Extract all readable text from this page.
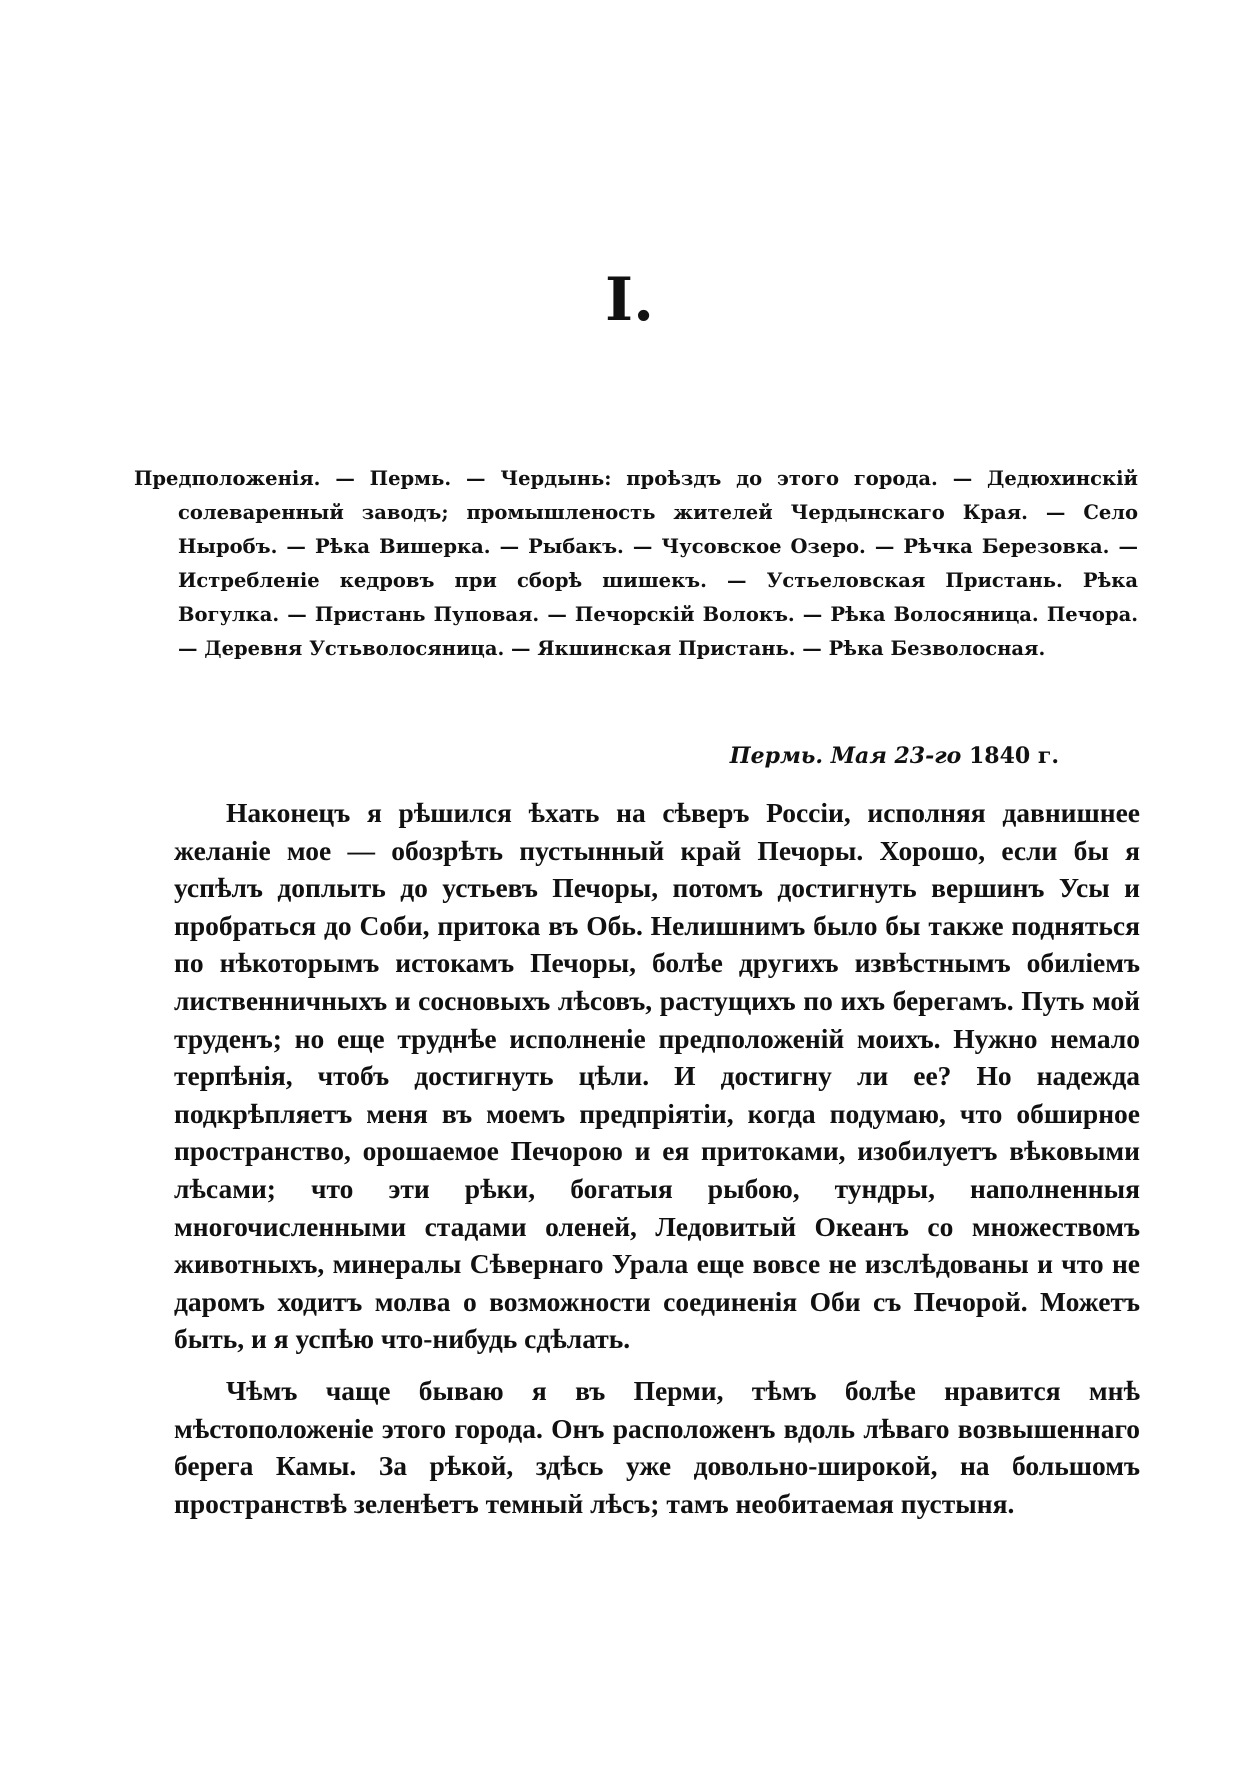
I.
Предположенія. — Пермь. — Чердынь: проѣздъ до этого города. — Дедюхинскій солеваренный заводъ; промышленость жителей Чердынскаго Края. — Село Ныробъ. — Рѣка Вишерка. — Рыбакъ. — Чусовское Озеро. — Рѣчка Березовка. — Истребленіе кедровъ при сборѣ шишекъ. — Устьеловская Пристань. Рѣка Вогулка. — Пристань Пуповая. — Печорскій Волокъ. — Рѣка Волосяница. Печора. — Деревня Устьволосяница. — Якшинская Пристань. — Рѣка Безволосная.
Пермь. Мая 23-го 1840 г.

Наконецъ я рѣшился ѣхать на сѣверъ Россіи, исполняя давнишнее желаніе мое — обозрѣть пустынный край Печоры. Хорошо, если бы я успѣлъ доплыть до устьевъ Печоры, потомъ достигнуть вершинъ Усы и пробраться до Соби, притока въ Обь. Нелишнимъ было бы также подняться по нѣкоторымъ истокамъ Печоры, болѣе другихъ извѣстнымъ обиліемъ лиственничныхъ и сосновыхъ лѣсовъ, растущихъ по ихъ берегамъ. Путь мой труденъ; но еще труднѣе исполненіе предположеній моихъ. Нужно немало терпѣнія, чтобъ достигнуть цѣли. И достигну ли ее? Но надежда подкрѣпляетъ меня въ моемъ предпріятіи, когда подумаю, что обширное пространство, орошаемое Печорою и ея притоками, изобилуетъ вѣковыми лѣсами; что эти рѣки, богатыя рыбою, тундры, наполненныя многочисленными стадами оленей, Ледовитый Океанъ со множествомъ животныхъ, минералы Сѣвернаго Урала еще вовсе не изслѣдованы и что не даромъ ходитъ молва о возможности соединенія Оби съ Печорой. Можетъ быть, и я успѣю что-нибудь сдѣлать.

Чѣмъ чаще бываю я въ Перми, тѣмъ болѣе нравится мнѣ мѣстоположеніе этого города. Онъ расположенъ вдоль лѣваго возвышеннаго берега Камы. За рѣкой, здѣсь уже довольно-широкой, на большомъ пространствѣ зеленѣетъ темный лѣсъ; тамъ необитаемая пустыня.
